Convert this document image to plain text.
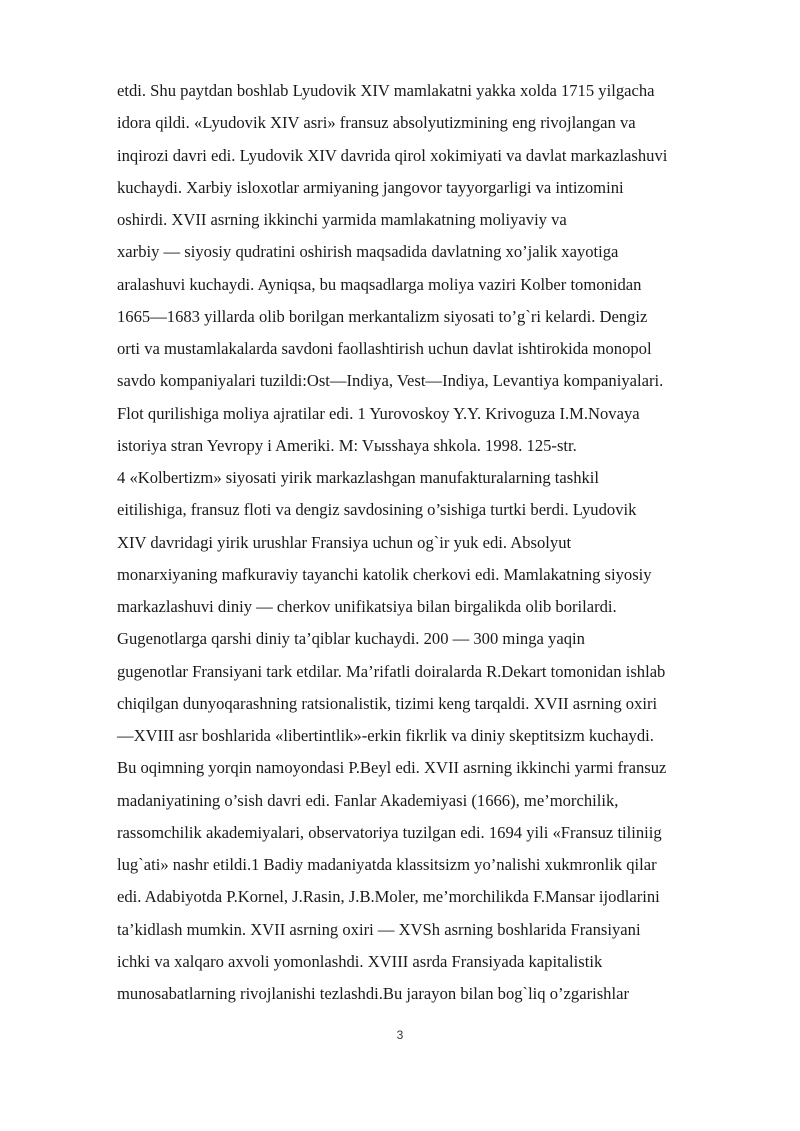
etdi. Shu paytdan boshlab Lyudovik XIV mamlakatni yakka xolda 1715 yilgacha
idora qildi. «Lyudovik XIV asri» fransuz absolyutizmining eng rivojlangan va
inqirozi davri edi. Lyudovik XIV davrida qirol xokimiyati va davlat markazlashuvi
kuchaydi. Xarbiy isloxotlar armiyaning jangovor tayyorgarligi va intizomini
oshirdi. XVII asrning ikkinchi yarmida mamlakatning moliyaviy va
xarbiy — siyosiy qudratini oshirish maqsadida davlatning xo’jalik xayotiga
aralashuvi kuchaydi. Ayniqsa, bu maqsadlarga moliya vaziri Kolber tomonidan
1665—1683 yillarda olib borilgan merkantalizm siyosati to’g`ri kelardi. Dengiz
orti va mustamlakalarda savdoni faollashtirish uchun davlat ishtirokida monopol
savdo kompaniyalari tuzildi:Ost—Indiya, Vest—Indiya, Levantiya kompaniyalari.
Flot qurilishiga moliya ajratilar edi. 1 Yurovoskoy Y.Y. Krivoguza I.M.Novaya
istoriya stran Yevroрy i Ameriki. M: Vыsshaya shkola. 1998. 125-str.
4 «Kolbertizm» siyosati yirik markazlashgan manufakturalarning tashkil
eitilishiga, fransuz floti va dengiz savdosining o’sishiga turtki berdi. Lyudovik
XIV davridagi yirik urushlar Fransiya uchun og`ir yuk edi. Absolyut
monarxiyaning mafkuraviy tayanchi katolik cherkovi edi. Mamlakatning siyosiy
markazlashuvi diniy — cherkov unifikatsiya bilan birgalikda olib borilardi.
Gugenotlarga qarshi diniy ta’qiblar kuchaydi. 200 — 300 minga yaqin
gugenotlar Fransiyani tark etdilar. Ma’rifatli doiralarda R.Dekart tomonidan ishlab
chiqilgan dunyoqarashning ratsionalistik, tizimi keng tarqaldi. XVII asrning oxiri
—XVIII asr boshlarida «libertintlik»-erkin fikrlik va diniy skeptitsizm kuchaydi.
Bu oqimning yorqin namoyondasi P.Beyl edi. XVII asrning ikkinchi yarmi fransuz
madaniyatining o’sish davri edi. Fanlar Akademiyasi (1666), me’morchilik,
rassomchilik akademiyalari, observatoriya tuzilgan edi. 1694 yili «Fransuz tiliniig
lug`ati» nashr etildi.1 Badiy madaniyatda klassitsizm yo’nalishi xukmronlik qilar
edi. Adabiyotda P.Kornel, J.Rasin, J.B.Moler, me’morchilikda F.Mansar ijodlarini
ta’kidlash mumkin. XVII asrning oxiri — XVSh asrning boshlarida Fransiyani
ichki va xalqaro axvoli yomonlashdi. XVIII asrda Fransiyada kapitalistik
munosabatlarning rivojlanishi tezlashdi.Bu jarayon bilan bog`liq o’zgarishlar
3
